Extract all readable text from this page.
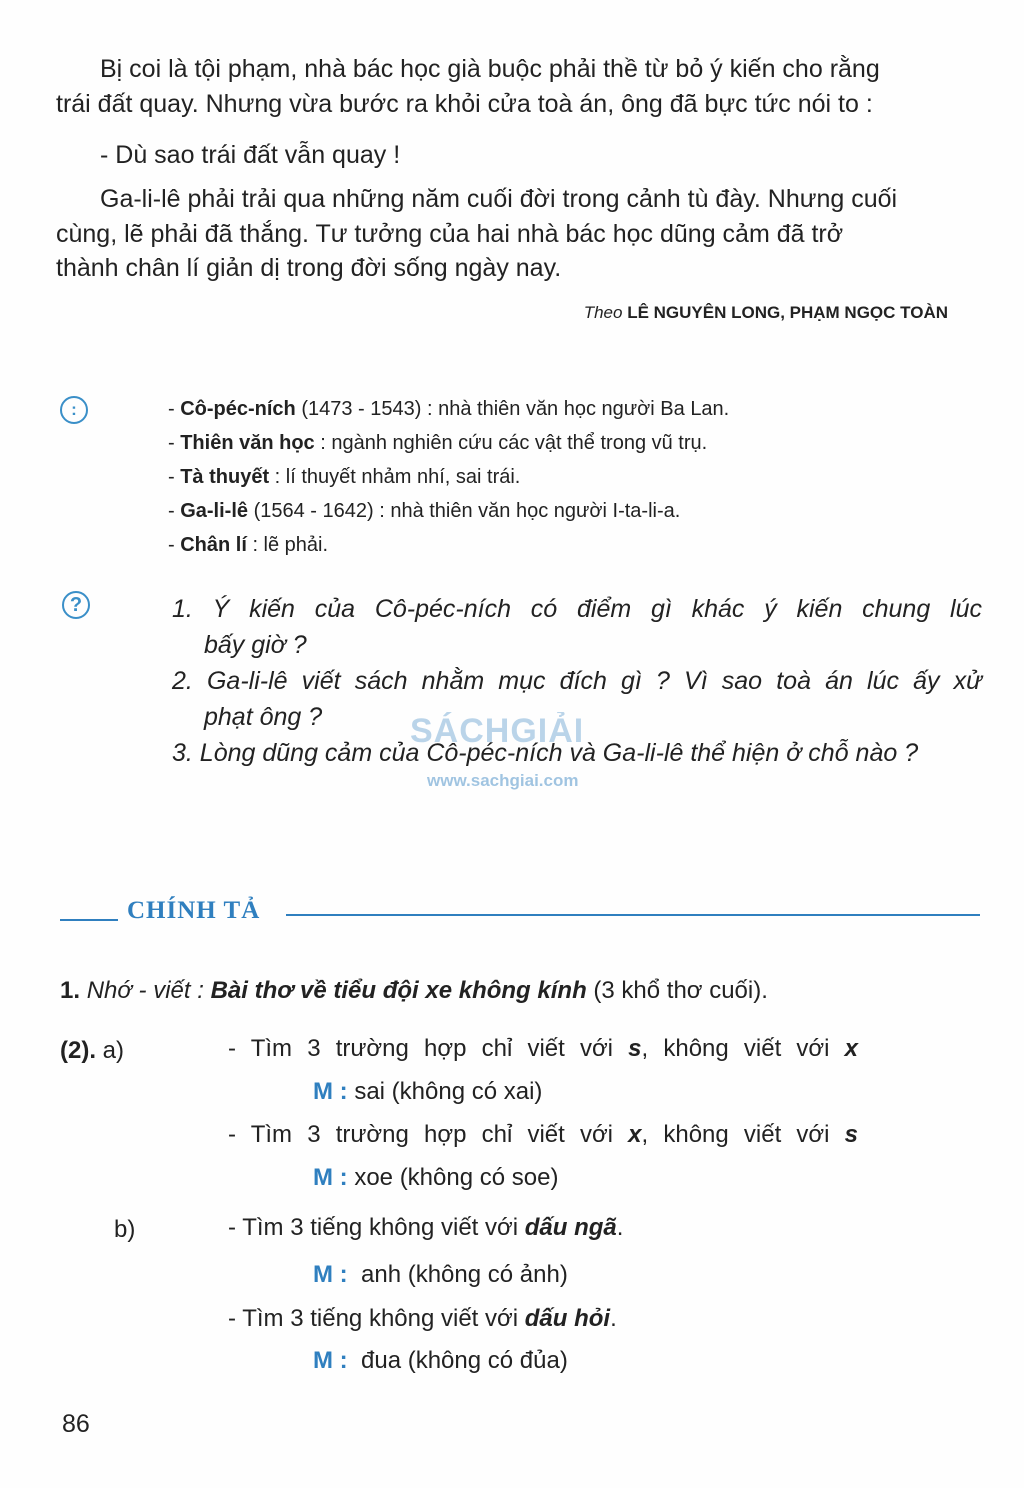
Bị coi là tội phạm, nhà bác học già buộc phải thề từ bỏ ý kiến cho rằng

trái đất quay. Nhưng vừa bước ra khỏi cửa toà án, ông đã bực tức nói to :

- Dù sao trái đất vẫn quay !

Ga-li-lê phải trải qua những năm cuối đời trong cảnh tù đày. Nhưng cuối

cùng, lẽ phải đã thắng. Tư tưởng của hai nhà bác học dũng cảm đã trở

thành chân lí giản dị trong đời sống ngày nay.

Theo LÊ NGUYÊN LONG, PHẠM NGỌC TOÀN
:	- Cô-péc-ních (1473 - 1543) : nhà thiên văn học người Ba Lan.
- Thiên văn học : ngành nghiên cứu các vật thể trong vũ trụ.
- Tà thuyết : lí thuyết nhảm nhí, sai trái.
- Ga-li-lê (1564 - 1642) : nhà thiên văn học người I-ta-li-a.
- Chân lí : lẽ phải.
?	1. Ý kiến của Cô-péc-ních có điểm gì khác ý kiến chung lúc
bấy giờ ?
2. Ga-li-lê viết sách nhằm mục đích gì ? Vì sao toà án lúc ấy xử
phạt ông ?
3. Lòng dũng cảm của Cô-péc-ních và Ga-li-lê thể hiện ở chỗ nào ?
SÁCHGIẢI
www.sachgiai.com
CHÍNH TẢ
1. Nhớ - viết : Bài thơ về tiểu đội xe không kính (3 khổ thơ cuối).
(2). a)	- Tìm 3 trường hợp chỉ viết với s, không viết với x
M : sai (không có xai)
- Tìm 3 trường hợp chỉ viết với x, không viết với s
M : xoe (không có soe)
b)	- Tìm 3 tiếng không viết với dấu ngã.
M : anh (không có ảnh)
- Tìm 3 tiếng không viết với dấu hỏi.
M : đua (không có đủa)
86
